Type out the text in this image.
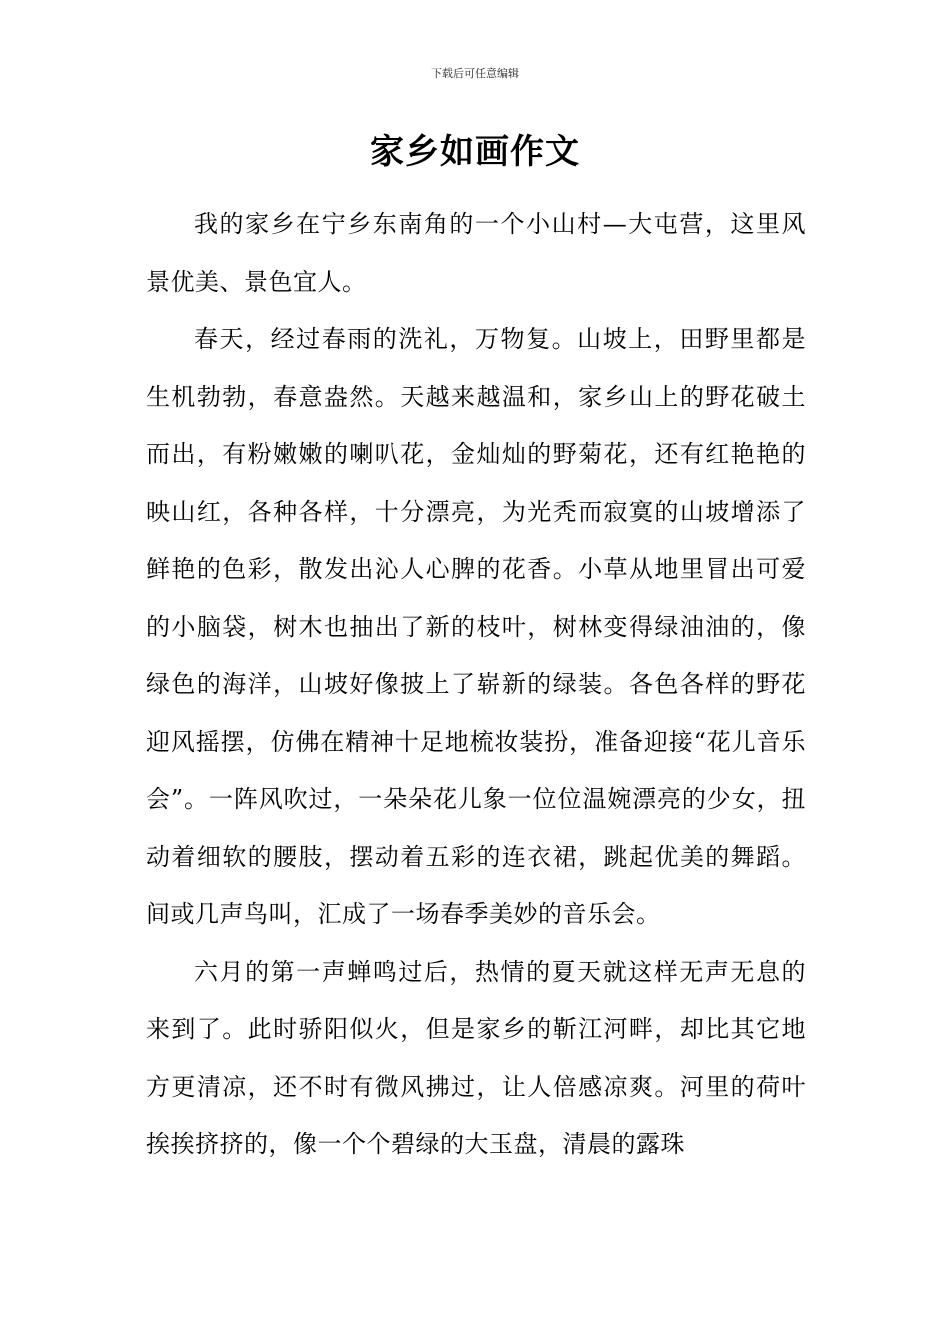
下载后可任意编辑
家乡如画作文

我的家乡在宁乡东南角的一个小山村—大屯营，这里风景优美、景色宜人。

春天，经过春雨的洗礼，万物复。山坡上，田野里都是生机勃勃，春意盎然。天越来越温和，家乡山上的野花破土而出，有粉嫩嫩的喇叭花，金灿灿的野菊花，还有红艳艳的映山红，各种各样，十分漂亮，为光秃而寂寞的山坡增添了鲜艳的色彩，散发出沁人心脾的花香。小草从地里冒出可爱的小脑袋，树木也抽出了新的枝叶，树林变得绿油油的，像绿色的海洋，山坡好像披上了崭新的绿装。各色各样的野花迎风摇摆，仿佛在精神十足地梳妆装扮，准备迎接“花儿音乐会”。一阵风吹过，一朵朵花儿象一位位温婉漂亮的少女，扭动着细软的腰肢，摆动着五彩的连衣裙，跳起优美的舞蹈。间或几声鸟叫，汇成了一场春季美妙的音乐会。

六月的第一声蝉鸣过后，热情的夏天就这样无声无息的来到了。此时骄阳似火，但是家乡的靳江河畔，却比其它地方更清凉，还不时有微风拂过，让人倍感凉爽。河里的荷叶挨挨挤挤的，像一个个碧绿的大玉盘，清晨的露珠
